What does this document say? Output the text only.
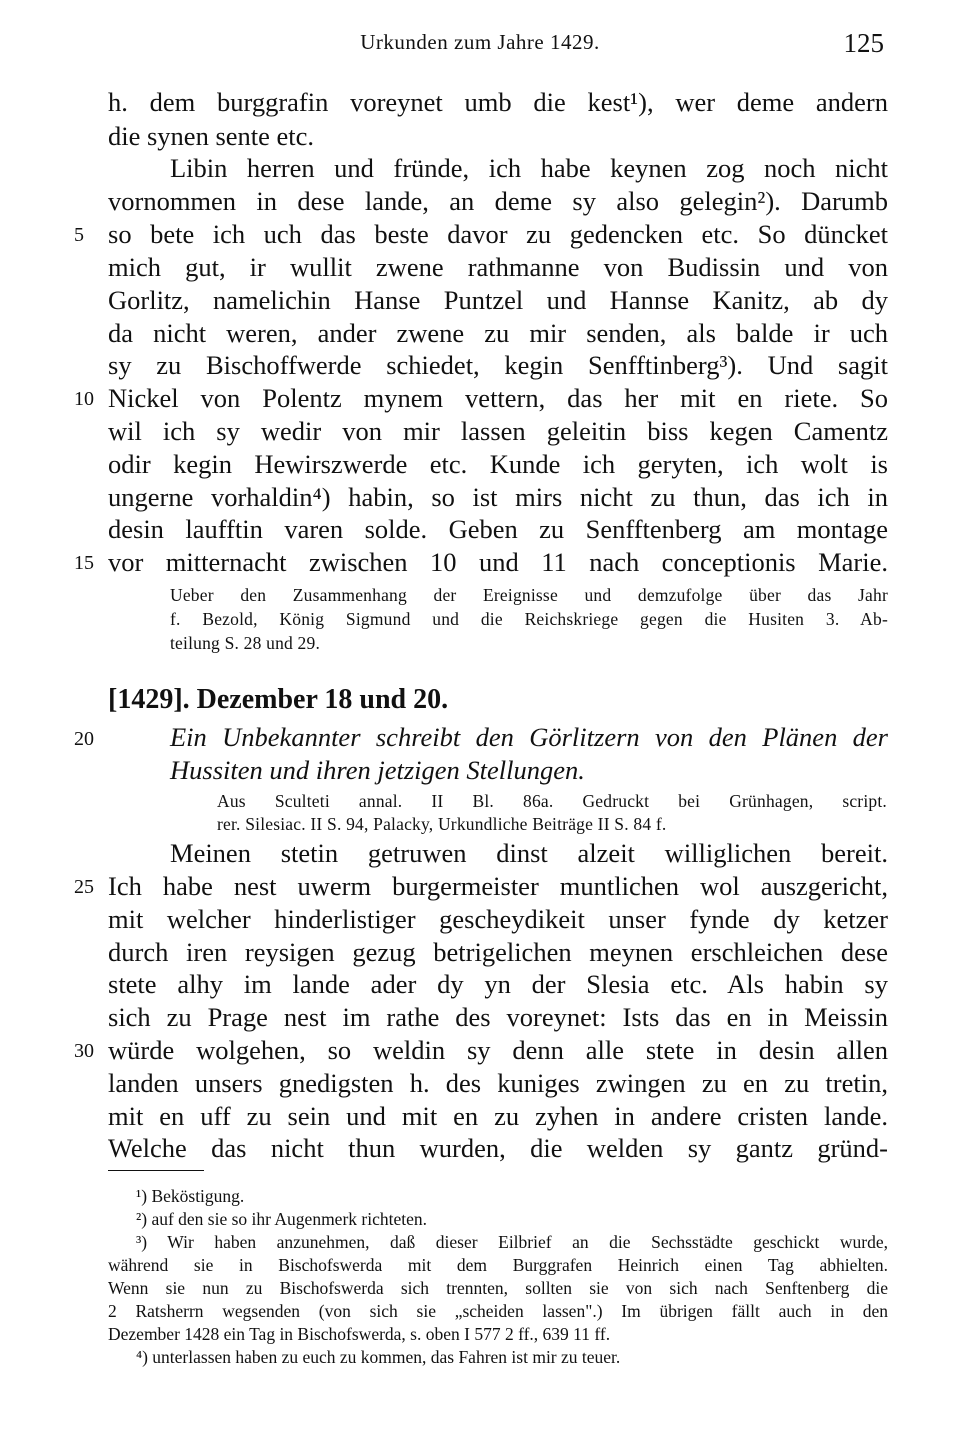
Urkunden zum Jahre 1429.	125
h. dem burggrafin voreynet umb die kest¹), wer deme andern
die synen sente etc.
Libin herren und fründe, ich habe keynen zog noch nicht
vornommen in dese lande, an deme sy also gelegin²). Darumb
so bete ich uch das beste davor zu gedencken etc. So düncket
mich gut, ir wullit zwene rathmanne von Budissin und von
Gorlitz, namelichin Hanse Puntzel und Hannse Kanitz, ab dy
da nicht weren, ander zwene zu mir senden, als balde ir uch
sy zu Bischoffwerde schiedet, kegin Senfftinberg³). Und sagit
Nickel von Polentz mynem vettern, das her mit en riete. So
wil ich sy wedir von mir lassen geleitin biss kegen Camentz
odir kegin Hewirszwerde etc. Kunde ich geryten, ich wolt is
ungerne vorhaldin⁴) habin, so ist mirs nicht zu thun, das ich in
desin laufftin varen solde. Geben zu Senfftenberg am montage
vor mitternacht zwischen 10 und 11 nach conceptionis Marie.
Ueber den Zusammenhang der Ereignisse und demzufolge über das Jahr
f. Bezold, König Sigmund und die Reichskriege gegen die Husiten 3. Ab-
teilung S. 28 und 29.
[1429]. Dezember 18 und 20.
Ein Unbekannter schreibt den Görlitzern von den Plänen der
Hussiten und ihren jetzigen Stellungen.
Aus Sculteti annal. II Bl. 86a. Gedruckt bei Grünhagen, script.
rer. Silesiac. II S. 94, Palacky, Urkundliche Beiträge II S. 84 f.
Meinen stetin getruwen dinst alzeit williglichen bereit.
Ich habe nest uwerm burgermeister muntlichen wol auszgericht,
mit welcher hinderlistiger gescheydikeit unser fynde dy ketzer
durch iren reysigen gezug betrigelichen meynen erschleichen dese
stete alhy im lande ader dy yn der Slesia etc. Als habin sy
sich zu Prage nest im rathe des voreynet: Ists das en in Meissin
würde wolgehen, so weldin sy denn alle stete in desin allen
landen unsers gnedigsten h. des kuniges zwingen zu en zu tretin,
mit en uff zu sein und mit en zu zyhen in andere cristen lande.
Welche das nicht thun wurden, die welden sy gantz gründ-
5
10
15
20
25
30
¹) Beköstigung.
²) auf den sie so ihr Augenmerk richteten.
³) Wir haben anzunehmen, daß dieser Eilbrief an die Sechsstädte geschickt wurde,
während sie in Bischofswerda mit dem Burggrafen Heinrich einen Tag abhielten.
Wenn sie nun zu Bischofswerda sich trennten, sollten sie von sich nach Senftenberg die
2 Ratsherrn wegsenden (von sich sie „scheiden lassen".) Im übrigen fällt auch in den
Dezember 1428 ein Tag in Bischofswerda, s. oben I 577 2 ff., 639 11 ff.
⁴) unterlassen haben zu euch zu kommen, das Fahren ist mir zu teuer.
